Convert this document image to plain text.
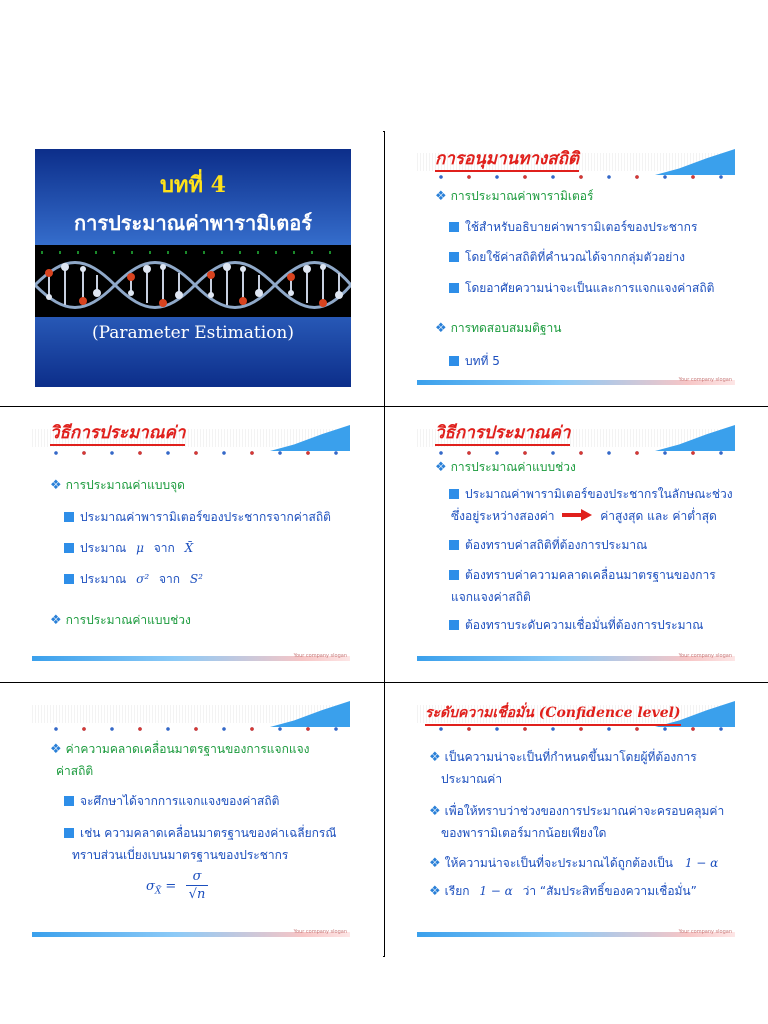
บทที่ 4
การประมาณค่าพารามิเตอร์
(Parameter Estimation)
การอนุมานทางสถิติ
❖ การประมาณค่าพารามิเตอร์
ใช้สำหรับอธิบายค่าพารามิเตอร์ของประชากร
โดยใช้ค่าสถิติที่คำนวณได้จากกลุ่มตัวอย่าง
โดยอาศัยความน่าจะเป็นและการแจกแจงค่าสถิติ
❖ การทดสอบสมมติฐาน
บทที่ 5
Your company slogan
วิธีการประมาณค่า
❖ การประมาณค่าแบบช่วง
❖ การประมาณค่าแบบจุด
ประมาณค่าพารามิเตอร์ของประชากรจากค่าสถิติ
ประมาณ μ จาก X̄
ประมาณ σ² จาก S²
Your company slogan
วิธีการประมาณค่า
❖ การประมาณค่าแบบช่วง
ประมาณค่าพารามิเตอร์ของประชากรในลักษณะช่วง
ซึ่งอยู่ระหว่างสองค่า	ค่าสูงสุด และ ค่าต่ำสุด
ต้องทราบค่าสถิติที่ต้องการประมาณ
ต้องทราบค่าความคลาดเคลื่อนมาตรฐานของการ
แจกแจงค่าสถิติ
ต้องทราบระดับความเชื่อมั่นที่ต้องการประมาณ
Your company slogan
❖ ค่าความคลาดเคลื่อนมาตรฐานของการแจกแจง
ค่าสถิติ
จะศึกษาได้จากการแจกแจงของค่าสถิติ
เช่น ความคลาดเคลื่อนมาตรฐานของค่าเฉลี่ยกรณี
ทราบส่วนเบี่ยงเบนมาตรฐานของประชากร
$\sigma_{X̄}$ =
σ
√n
Your company slogan
ระดับความเชื่อมั่น (Confidence level)
❖ เป็นความน่าจะเป็นที่กำหนดขึ้นมาโดยผู้ที่ต้องการ
ประมาณค่า
❖ เพื่อให้ทราบว่าช่วงของการประมาณค่าจะครอบคลุมค่า
ของพารามิเตอร์มากน้อยเพียงใด
❖ ให้ความน่าจะเป็นที่จะประมาณได้ถูกต้องเป็น 1 − α
❖ เรียก 1 − α ว่า “สัมประสิทธิ์ของความเชื่อมั่น”
Your company slogan
